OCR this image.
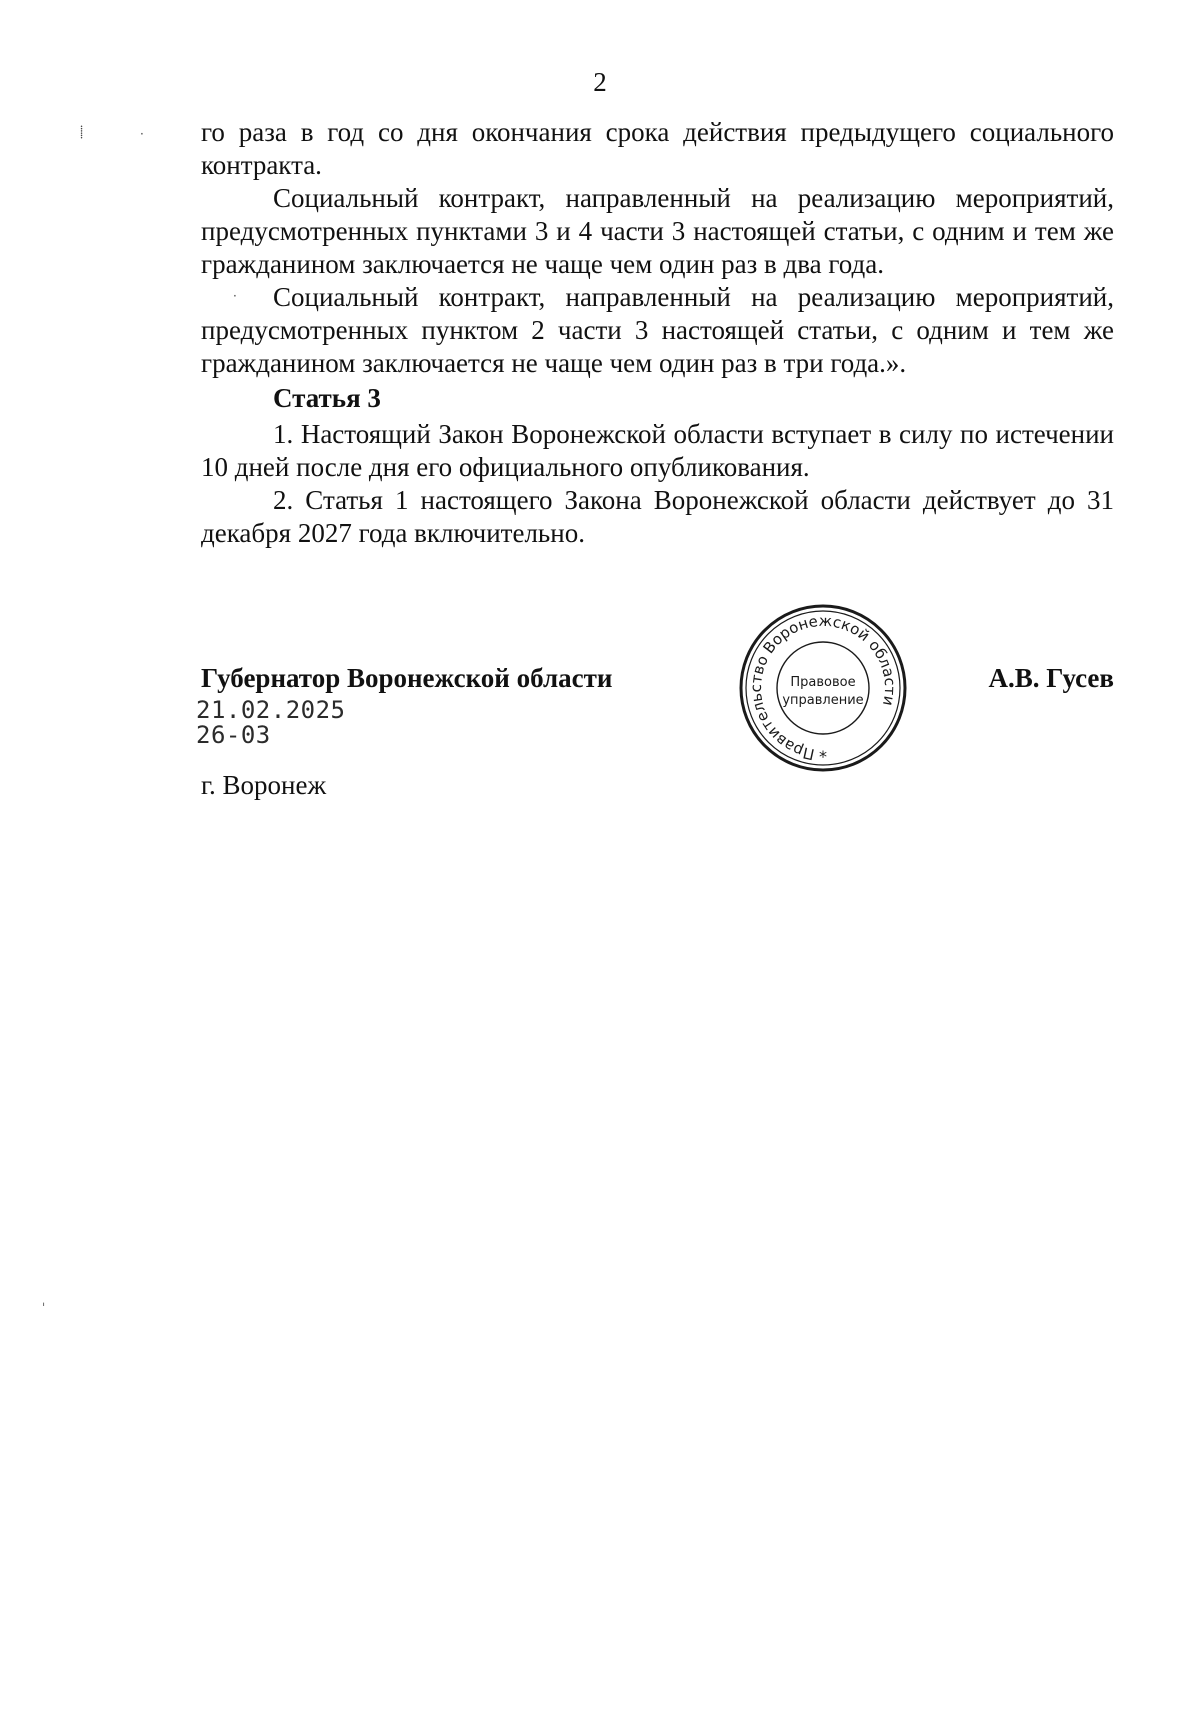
2

го раза в год со дня окончания срока действия предыдущего социального контракта.

Социальный контракт, направленный на реализацию мероприятий, предусмотренных пунктами 3 и 4 части 3 настоящей статьи, с одним и тем же гражданином заключается не чаще чем один раз в два года.

Социальный контракт, направленный на реализацию мероприятий, предусмотренных пунктом 2 части 3 настоящей статьи, с одним и тем же гражданином заключается не чаще чем один раз в три года.».

Статья 3

1. Настоящий Закон Воронежской области вступает в силу по истечении 10 дней после дня его официального опубликования.

2. Статья 1 настоящего Закона Воронежской области действует до 31 декабря 2027 года включительно.

Губернатор Воронежской области
Правительство Воронежской области
Правовое
управление
*
А.В. Гусев
21.02.2025
26-03
г. Воронеж
⸽	·
·
ˌ
